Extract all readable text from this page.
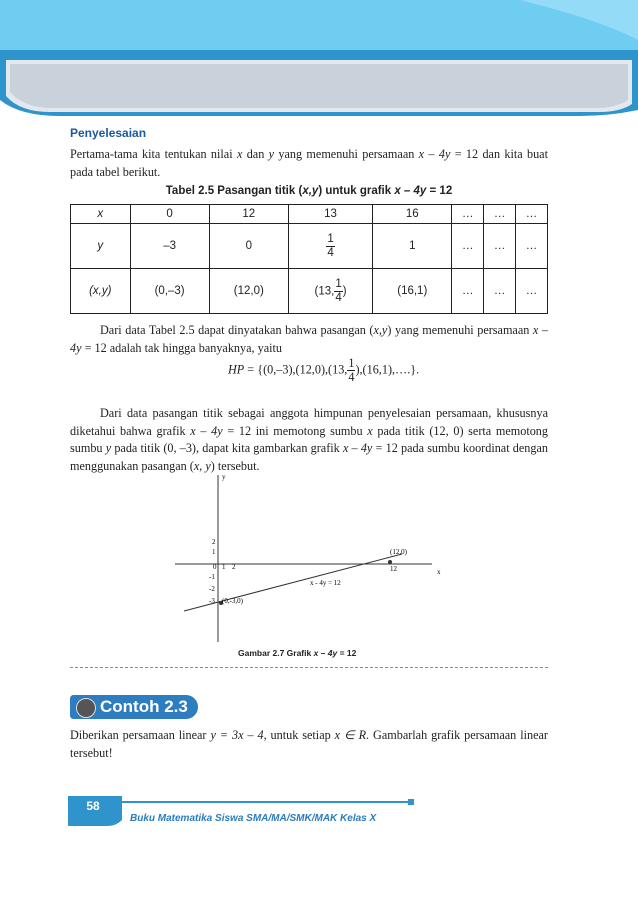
Penyelesaian
Pertama-tama kita tentukan nilai x dan y yang memenuhi persamaan x – 4y = 12 dan kita buat pada tabel berikut.
Tabel 2.5 Pasangan titik (x,y) untuk grafik x – 4y = 12
x	0	12	13	16	…	…	…
y	–3	0	$\frac{1}{4}$	1	…	…	…
(x,y)	(0,–3)	(12,0)	(13, $\frac{1}{4}$ )	(16,1)	…	…	…
Dari data Tabel 2.5 dapat dinyatakan bahwa pasangan (x,y) yang memenuhi persamaan x – 4y = 12 adalah tak hingga banyaknya, yaitu
HP = {(0,–3),(12,0),(13, $\frac{1}{4}$ ),(16,1),….}.
Dari data pasangan titik sebagai anggota himpunan penyelesaian persamaan, khususnya diketahui bahwa grafik x – 4y = 12 ini memotong sumbu x pada titik (12, 0) serta memotong sumbu y pada titik (0, –3), dapat kita gambarkan grafik x – 4y = 12 pada sumbu koordinat dengan menggunakan pasangan (x, y) tersebut.
y
x
2
1
-1
-2
-3
0 1 2	12
(12,0)
(0,-3,0)
x - 4y = 12
Gambar 2.7 Grafik x – 4y = 12
Contoh 2.3
Diberikan persamaan linear y = 3x – 4, untuk setiap x ∈ R. Gambarlah grafik persamaan linear tersebut!
58
Buku Matematika Siswa SMA/MA/SMK/MAK Kelas X
